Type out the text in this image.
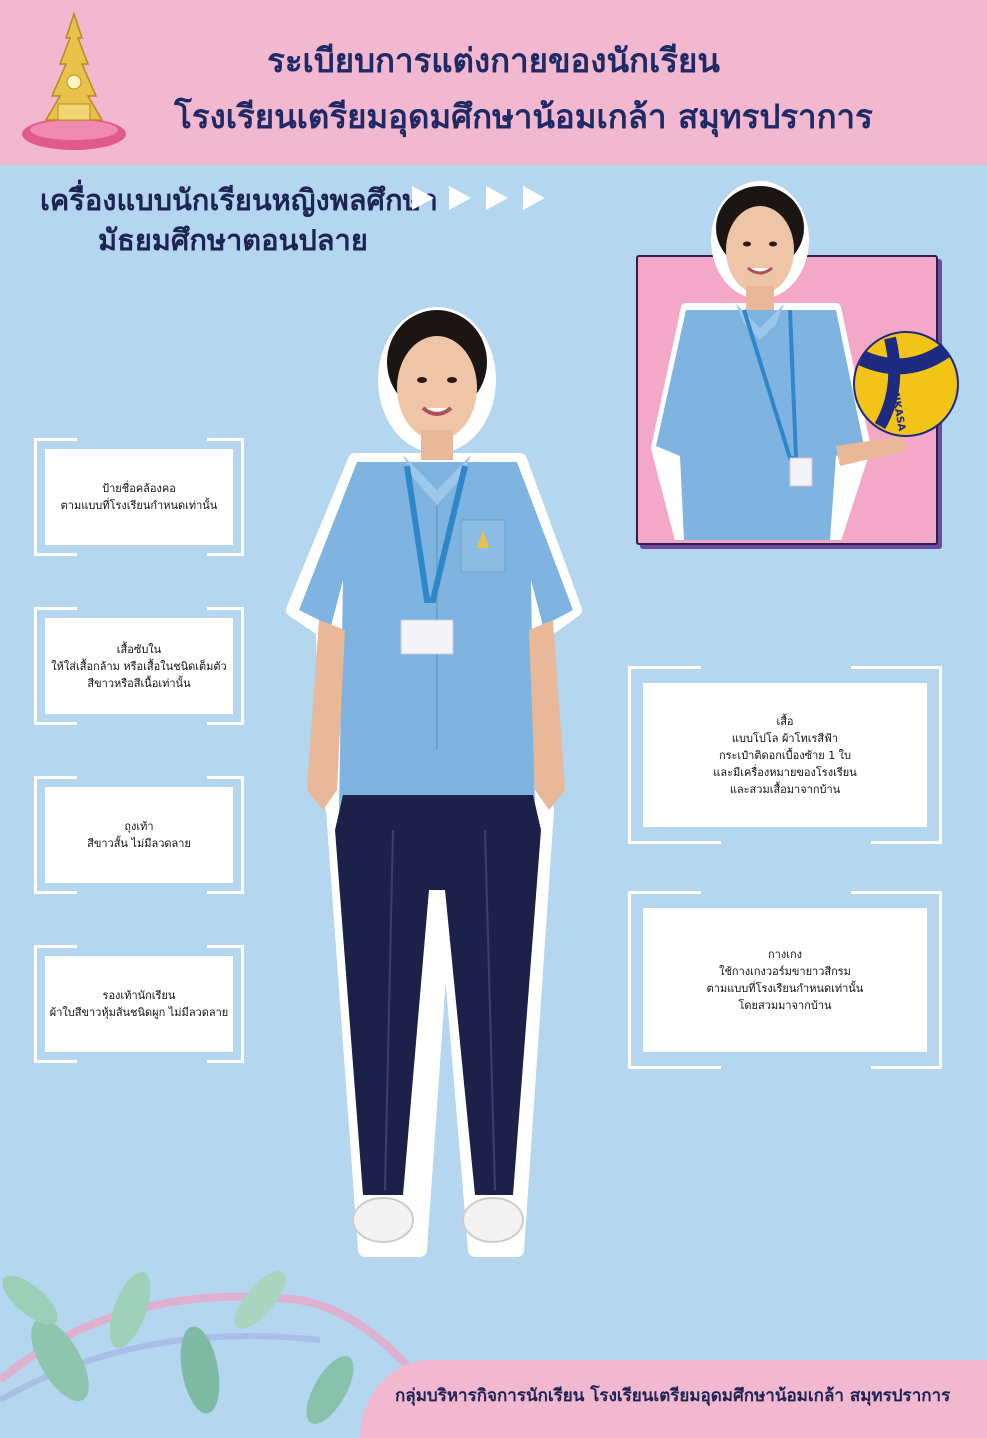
ระเบียบการแต่งกายของนักเรียน
โรงเรียนเตรียมอุดมศึกษาน้อมเกล้า สมุทรปราการ
เครื่องแบบนักเรียนหญิงพลศึกษา
มัธยมศึกษาตอนปลาย

ป้ายชื่อคล้องคอ
ตามแบบที่โรงเรียนกำหนดเท่านั้น
เสื้อซับใน
ให้ใส่เสื้อกล้าม หรือเสื้อในชนิดเต็มตัว
สีขาวหรือสีเนื้อเท่านั้น
ถุงเท้า
สีขาวสั้น ไม่มีลวดลาย
รองเท้านักเรียน
ผ้าใบสีขาวหุ้มส้นชนิดผูก ไม่มีลวดลาย
เสื้อ
แบบโปโล ผ้าโทเรสีฟ้า
กระเป๋าติดอกเบื้องซ้าย 1 ใบ
และมีเครื่องหมายของโรงเรียน
และสวมเสื้อมาจากบ้าน
กางเกง
ใช้กางเกงวอร์มขายาวสีกรม
ตามแบบที่โรงเรียนกำหนดเท่านั้น
โดยสวมมาจากบ้าน
MIKASA
กลุ่มบริหารกิจการนักเรียน โรงเรียนเตรียมอุดมศึกษาน้อมเกล้า สมุทรปราการ
